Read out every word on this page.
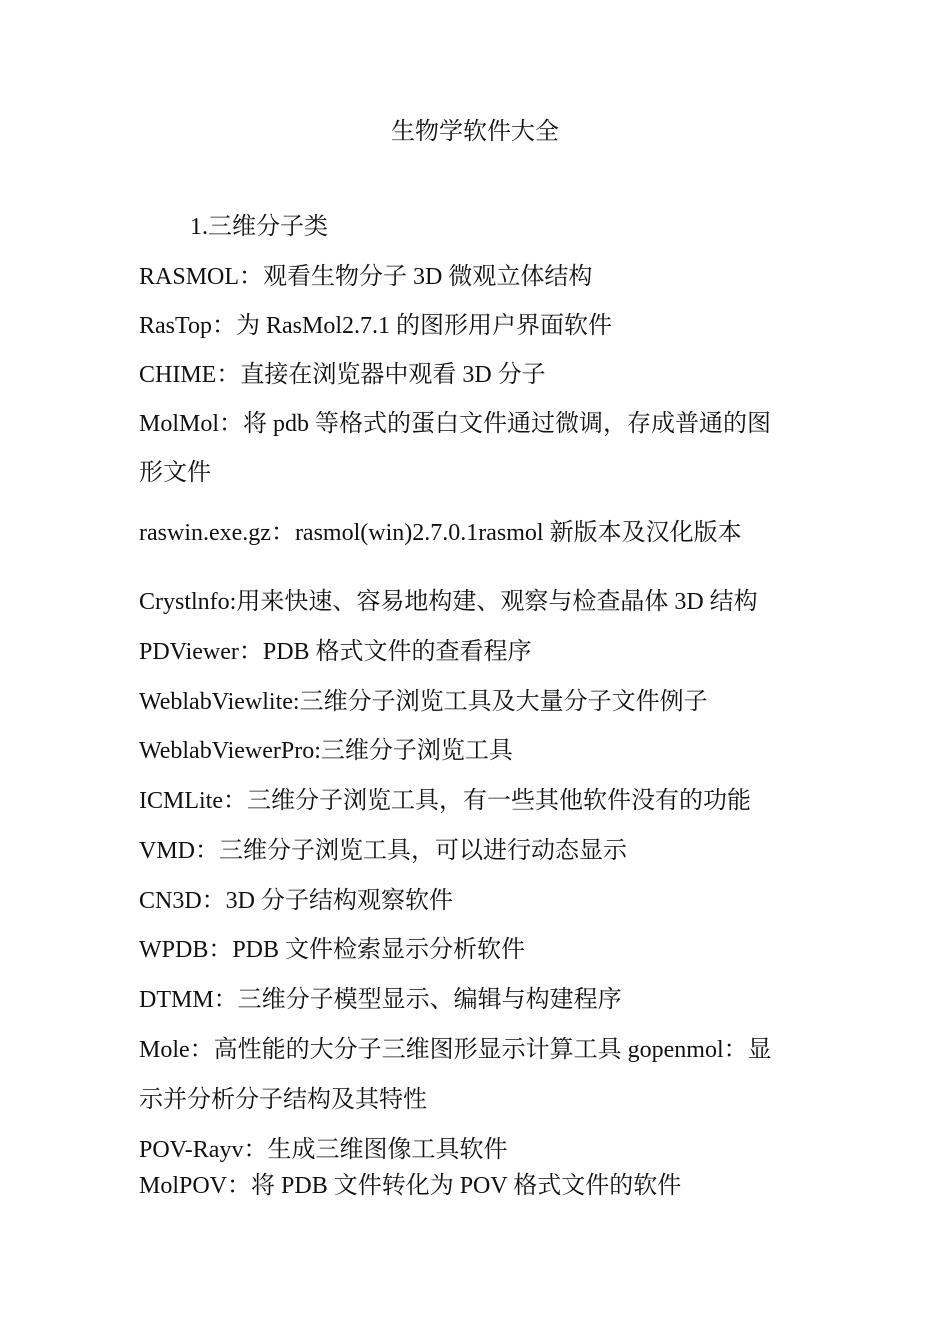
生物学软件大全
1.三维分子类
RASMOL：观看生物分子 3D 微观立体结构
RasTop：为 RasMol2.7.1 的图形用户界面软件
CHIME：直接在浏览器中观看 3D 分子
MolMol：将 pdb 等格式的蛋白文件通过微调，存成普通的图
形文件
raswin.exe.gz：rasmol(win)2.7.0.1rasmol 新版本及汉化版本
Crystlnfo:用来快速、容易地构建、观察与检查晶体 3D 结构
PDViewer：PDB 格式文件的查看程序
WeblabViewlite:三维分子浏览工具及大量分子文件例子
WeblabViewerPro:三维分子浏览工具
ICMLite：三维分子浏览工具，有一些其他软件没有的功能
VMD：三维分子浏览工具，可以进行动态显示
CN3D：3D 分子结构观察软件
WPDB：PDB 文件检索显示分析软件
DTMM：三维分子模型显示、编辑与构建程序
Mole：高性能的大分子三维图形显示计算工具 gopenmol：显
示并分析分子结构及其特性
POV-Rayv：生成三维图像工具软件
MolPOV：将 PDB 文件转化为 POV 格式文件的软件
